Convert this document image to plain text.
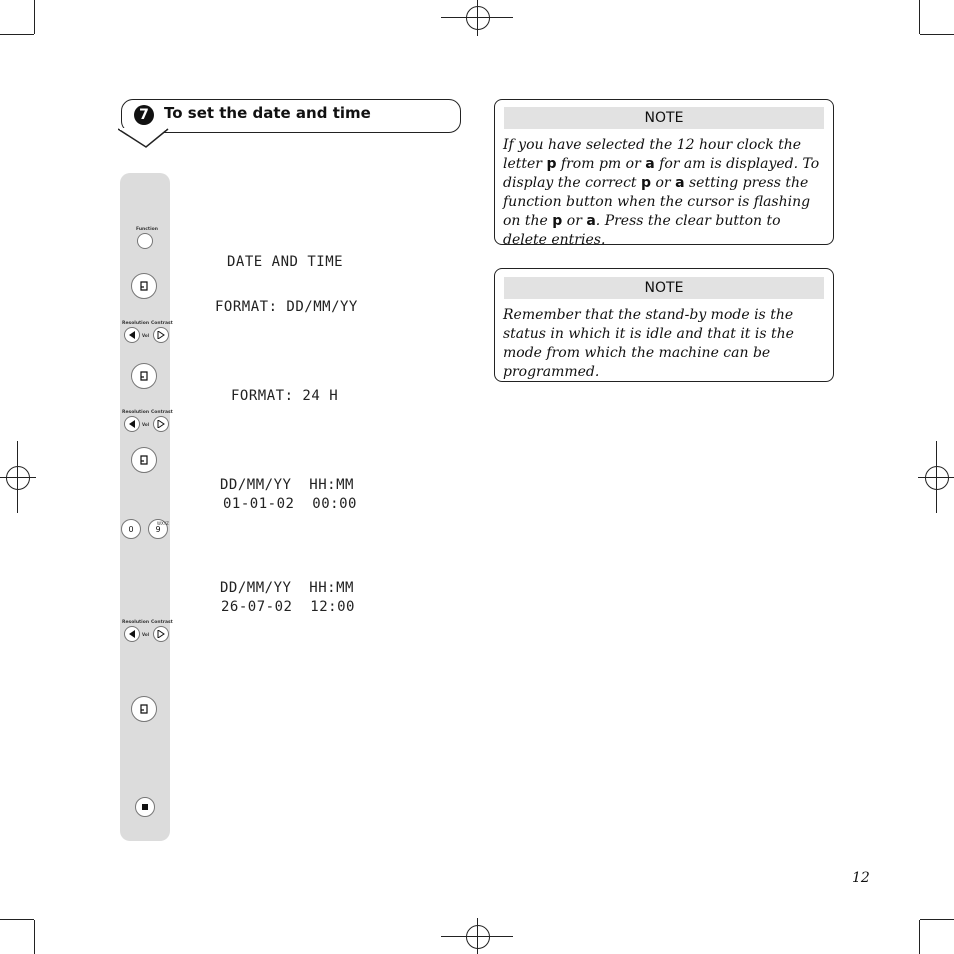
7	To set the date and time
Function
Resolution Contrast
Vol
Resolution Contrast
Vol
0	9
WXYZ
Resolution Contrast
Vol
DATE AND TIME
FORMAT: DD/MM/YY
FORMAT: 24 H
DD/MM/YY  HH:MM
01-01-02  00:00
DD/MM/YY  HH:MM
26-07-02  12:00
NOTE
If you have selected the 12 hour clock the letter p from pm or a for am is displayed. To display the correct p or a setting press the function button when the cursor is flashing on the p or a. Press the clear button to delete entries.
NOTE
Remember that the stand-by mode is the status in which it is idle and that it is the mode from which the machine can be programmed.
12
